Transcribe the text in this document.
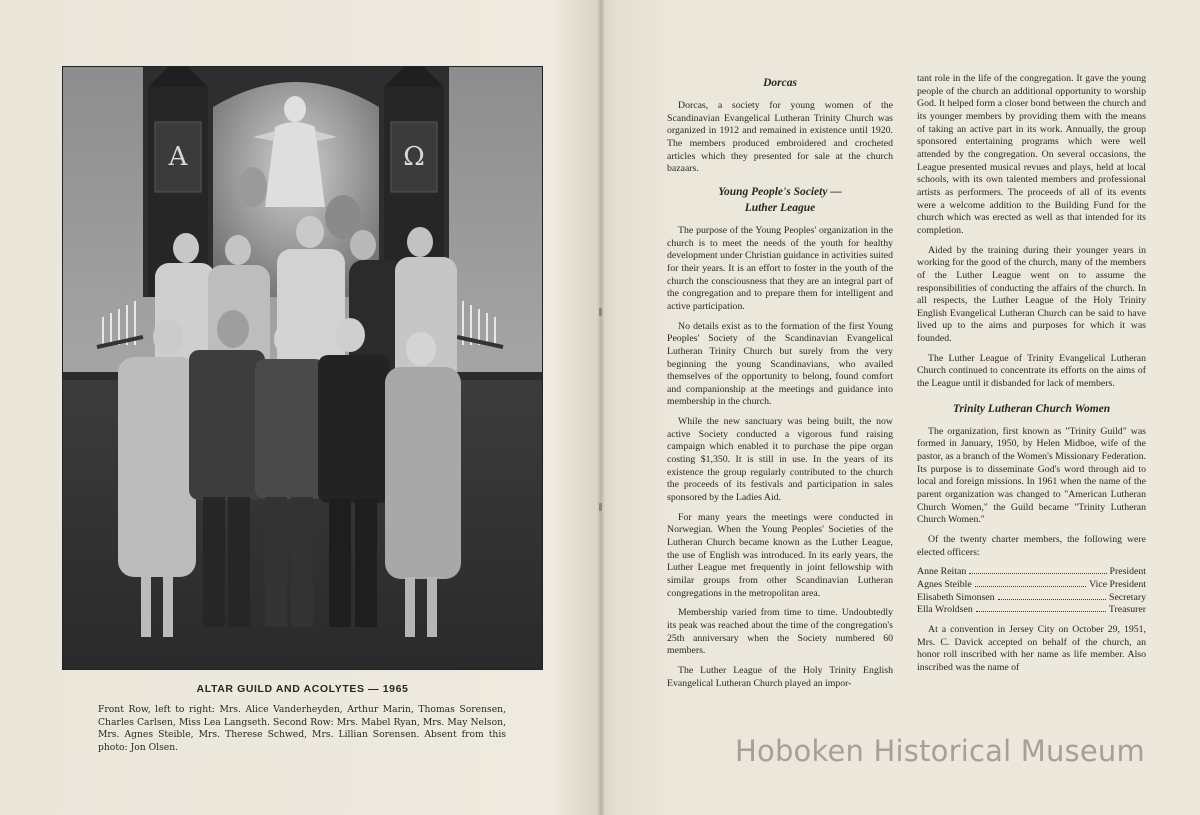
A	Ω
ALTAR GUILD AND ACOLYTES — 1965
Front Row, left to right: Mrs. Alice Vanderheyden, Arthur Marin, Thomas Sorensen, Charles Carlsen, Miss Lea Langseth. Second Row: Mrs. Mabel Ryan, Mrs. May Nelson, Mrs. Agnes Steible, Mrs. Therese Schwed, Mrs. Lillian Sorensen. Absent from this photo: Jon Olsen.
Dorcas

Dorcas, a society for young women of the Scandinavian Evangelical Lutheran Trinity Church was organized in 1912 and remained in existence until 1920. The members produced embroidered and crocheted articles which they presented for sale at the church bazaars.

Young People's Society —
Luther League

The purpose of the Young Peoples' organization in the church is to meet the needs of the youth for healthy development under Christian guidance in activities suited for their years. It is an effort to foster in the youth of the church the consciousness that they are an integral part of the congregation and to prepare them for intelligent and active participation.

No details exist as to the formation of the first Young Peoples' Society of the Scandinavian Evangelical Lutheran Trinity Church but surely from the very beginning the young Scandinavians, who availed themselves of the opportunity to belong, found comfort and companionship at the meetings and guidance into membership in the church.

While the new sanctuary was being built, the now active Society conducted a vigorous fund raising campaign which enabled it to purchase the pipe organ costing $1,350. It is still in use. In the years of its existence the group regularly contributed to the church the proceeds of its festivals and participation in sales sponsored by the Ladies Aid.

For many years the meetings were conducted in Norwegian. When the Young Peoples' Societies of the Lutheran Church became known as the Luther League, the use of English was introduced. In its early years, the Luther League met frequently in joint fellowship with similar groups from other Scandinavian Lutheran congregations in the metropolitan area.

Membership varied from time to time. Undoubtedly its peak was reached about the time of the congregation's 25th anniversary when the Society numbered 60 members.

The Luther League of the Holy Trinity English Evangelical Lutheran Church played an impor-

tant role in the life of the congregation. It gave the young people of the church an additional opportunity to worship God. It helped form a closer bond between the church and its younger members by providing them with the means of taking an active part in its work. Annually, the group sponsored entertaining programs which were well attended by the congregation. On several occasions, the League presented musical revues and plays, held at local schools, with its own talented members and professional artists as performers. The proceeds of all of its events were a welcome addition to the Building Fund for the church which was erected as well as that intended for its completion.

Aided by the training during their younger years in working for the good of the church, many of the members of the Luther League went on to assume the responsibilities of conducting the affairs of the church. In all respects, the Luther League of the Holy Trinity English Evangelical Lutheran Church can be said to have lived up to the aims and purposes for which it was founded.

The Luther League of Trinity Evangelical Lutheran Church continued to concentrate its efforts on the aims of the League until it disbanded for lack of members.

Trinity Lutheran Church Women

The organization, first known as "Trinity Guild" was formed in January, 1950, by Helen Midboe, wife of the pastor, as a branch of the Women's Missionary Federation. Its purpose is to disseminate God's word through aid to local and foreign missions. In 1961 when the name of the parent organization was changed to "American Lutheran Church Women," the Guild became "Trinity Lutheran Church Women."

Of the twenty charter members, the following were elected officers:

Anne Reitan	President
Agnes Steible	Vice President
Elisabeth Simonsen	Secretary
Ella Wroldsen	Treasurer

At a convention in Jersey City on October 29, 1951, Mrs. C. Davick accepted on behalf of the church, an honor roll inscribed with her name as life member. Also inscribed was the name of

Hoboken Historical Museum
